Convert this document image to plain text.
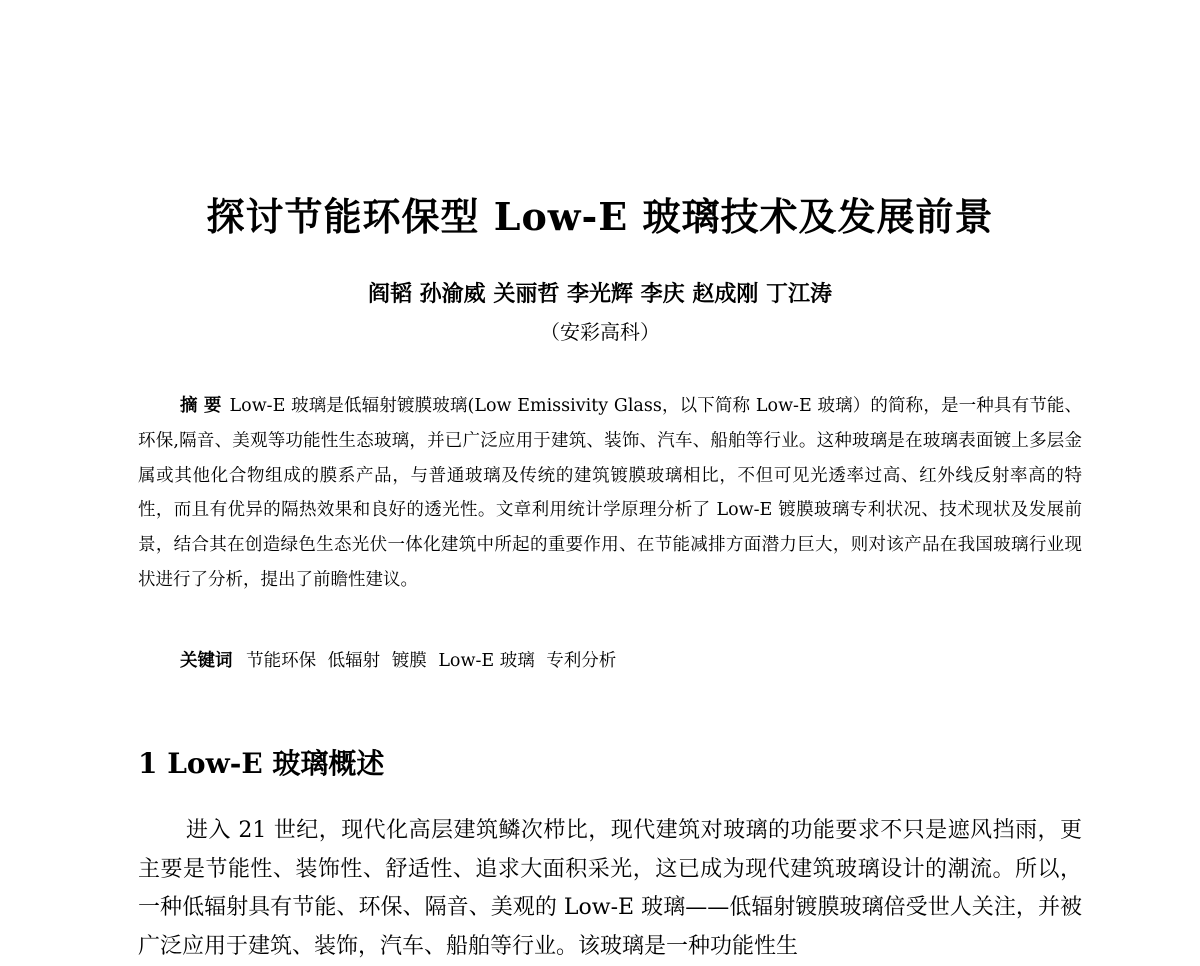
探讨节能环保型 Low-E 玻璃技术及发展前景
阎韬 孙渝威 关丽哲 李光辉 李庆 赵成刚 丁江涛
（安彩高科）

摘 要 Low-E 玻璃是低辐射镀膜玻璃(Low Emissivity Glass，以下简称 Low-E 玻璃）的简称，是一种具有节能、环保,隔音、美观等功能性生态玻璃，并已广泛应用于建筑、装饰、汽车、船舶等行业。这种玻璃是在玻璃表面镀上多层金属或其他化合物组成的膜系产品，与普通玻璃及传统的建筑镀膜玻璃相比，不但可见光透率过高、红外线反射率高的特性，而且有优异的隔热效果和良好的透光性。文章利用统计学原理分析了 Low-E 镀膜玻璃专利状况、技术现状及发展前景，结合其在创造绿色生态光伏一体化建筑中所起的重要作用、在节能减排方面潜力巨大，则对该产品在我国玻璃行业现状进行了分析，提出了前瞻性建议。

关键词 节能环保 低辐射 镀膜 Low-E 玻璃 专利分析
1 Low-E 玻璃概述

进入 21 世纪，现代化高层建筑鳞次栉比，现代建筑对玻璃的功能要求不只是遮风挡雨，更主要是节能性、装饰性、舒适性、追求大面积采光，这已成为现代建筑玻璃设计的潮流。所以，一种低辐射具有节能、环保、隔音、美观的 Low-E 玻璃——低辐射镀膜玻璃倍受世人关注，并被广泛应用于建筑、装饰，汽车、船舶等行业。该玻璃是一种功能性生
